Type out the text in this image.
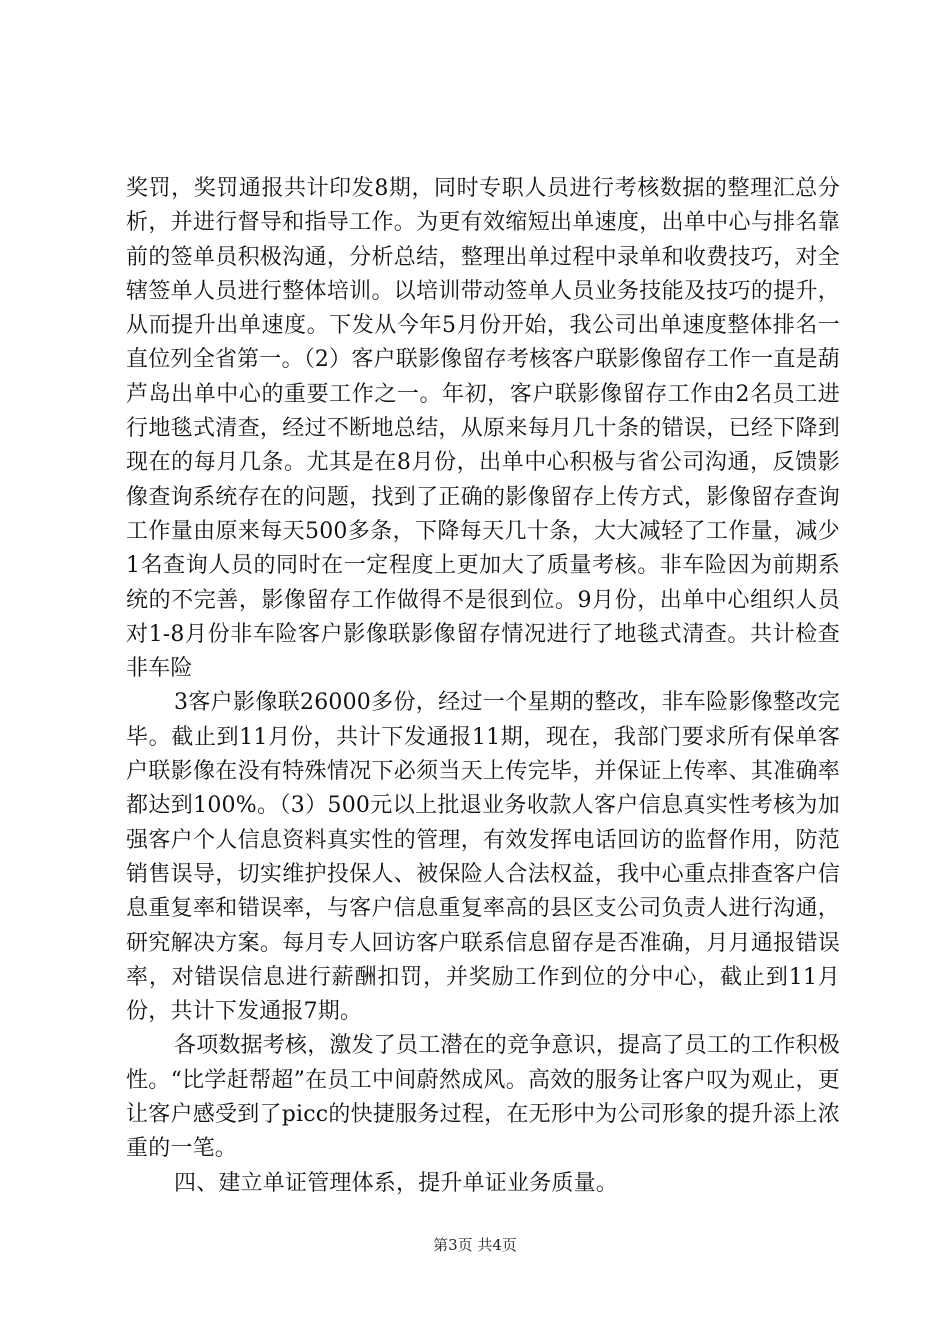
奖罚，奖罚通报共计印发8期，同时专职人员进行考核数据的整理汇总分析，并进行督导和指导工作。为更有效缩短出单速度，出单中心与排名靠前的签单员积极沟通，分析总结，整理出单过程中录单和收费技巧，对全辖签单人员进行整体培训。以培训带动签单人员业务技能及技巧的提升，从而提升出单速度。下发从今年5月份开始，我公司出单速度整体排名一直位列全省第一。（2）客户联影像留存考核客户联影像留存工作一直是葫芦岛出单中心的重要工作之一。年初，客户联影像留存工作由2名员工进行地毯式清查，经过不断地总结，从原来每月几十条的错误，已经下降到现在的每月几条。尤其是在8月份，出单中心积极与省公司沟通，反馈影像查询系统存在的问题，找到了正确的影像留存上传方式，影像留存查询工作量由原来每天500多条，下降每天几十条，大大减轻了工作量，减少1名查询人员的同时在一定程度上更加大了质量考核。非车险因为前期系统的不完善，影像留存工作做得不是很到位。9月份，出单中心组织人员对1-8月份非车险客户影像联影像留存情况进行了地毯式清查。共计检查非车险

3客户影像联26000多份，经过一个星期的整改，非车险影像整改完毕。截止到11月份，共计下发通报11期，现在，我部门要求所有保单客户联影像在没有特殊情况下必须当天上传完毕，并保证上传率、其准确率都达到100%。（3）500元以上批退业务收款人客户信息真实性考核为加强客户个人信息资料真实性的管理，有效发挥电话回访的监督作用，防范销售误导，切实维护投保人、被保险人合法权益，我中心重点排查客户信息重复率和错误率，与客户信息重复率高的县区支公司负责人进行沟通，研究解决方案。每月专人回访客户联系信息留存是否准确，月月通报错误率，对错误信息进行薪酬扣罚，并奖励工作到位的分中心，截止到11月份，共计下发通报7期。

各项数据考核，激发了员工潜在的竞争意识，提高了员工的工作积极性。“比学赶帮超”在员工中间蔚然成风。高效的服务让客户叹为观止，更让客户感受到了picc的快捷服务过程，在无形中为公司形象的提升添上浓重的一笔。

四、建立单证管理体系，提升单证业务质量。

第3页 共4页
